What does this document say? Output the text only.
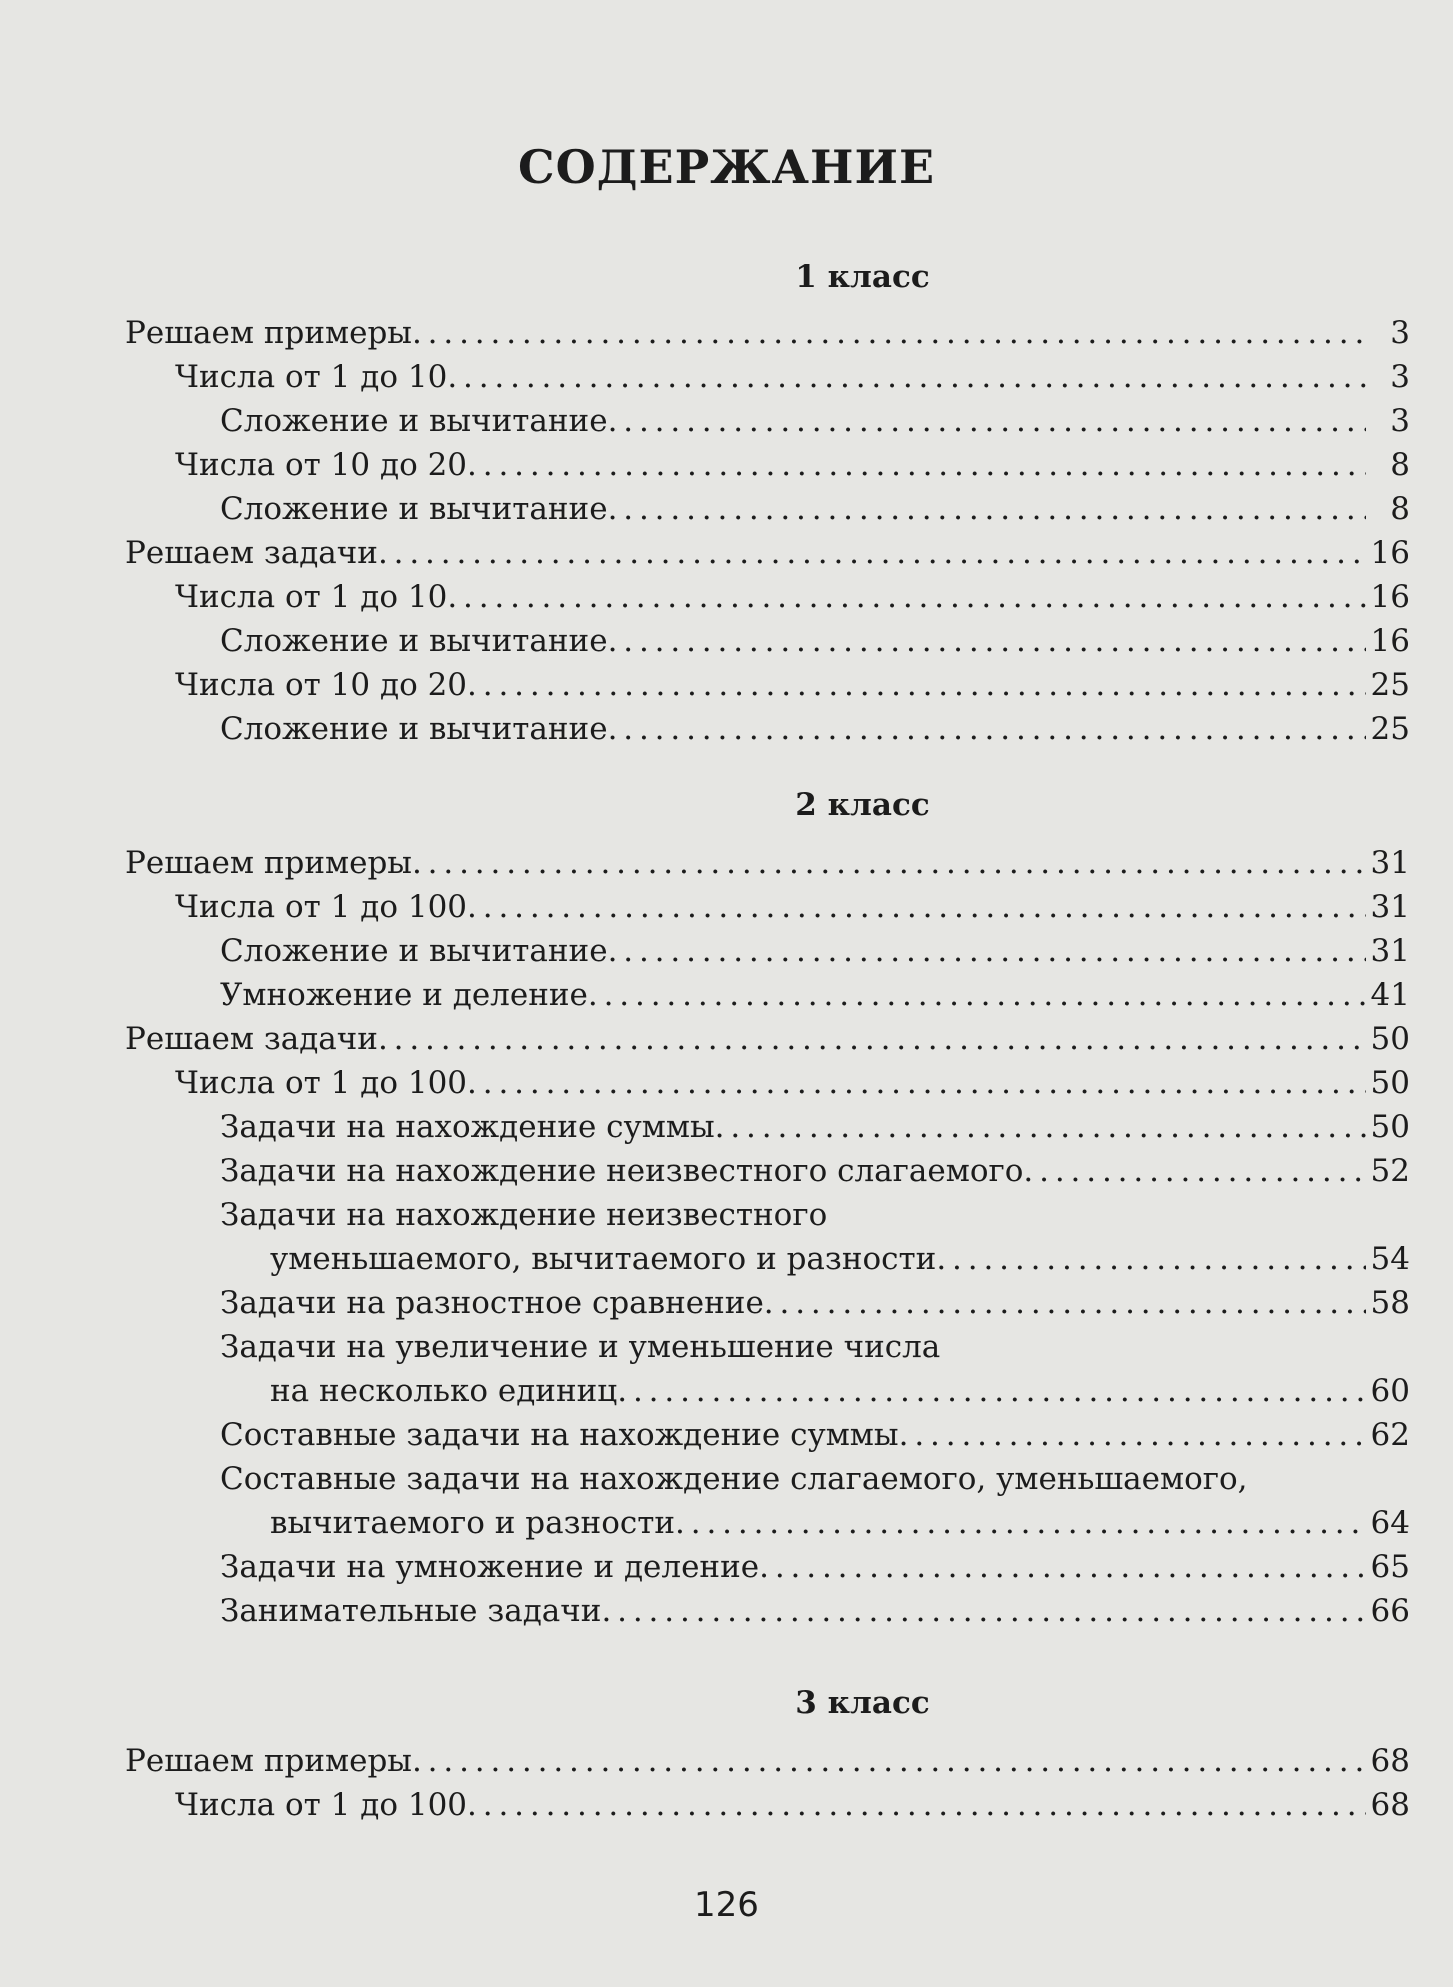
СОДЕРЖАНИЕ
1 класс
Решаем примеры . . .	3
Числа от 1 до 10 . . .	3
Сложение и вычитание . . .	3
Числа от 10 до 20 . . .	8
Сложение и вычитание . . .	8
Решаем задачи . . .	16
Числа от 1 до 10 . . .	16
Сложение и вычитание . . .	16
Числа от 10 до 20 . . .	25
Сложение и вычитание . . .	25
2 класс
Решаем примеры . . .	31
Числа от 1 до 100 . . .	31
Сложение и вычитание . . .	31
Умножение и деление . . .	41
Решаем задачи . . .	50
Числа от 1 до 100 . . .	50
Задачи на нахождение суммы . . .	50
Задачи на нахождение неизвестного слагаемого . . .	52
Задачи на нахождение неизвестного
уменьшаемого, вычитаемого и разности . . .	54
Задачи на разностное сравнение . . .	58
Задачи на увеличение и уменьшение числа
на несколько единиц . . .	60
Составные задачи на нахождение суммы . . .	62
Составные задачи на нахождение слагаемого, уменьшаемого,
вычитаемого и разности . . .	64
Задачи на умножение и деление . . .	65
Занимательные задачи . . .	66
3 класс
Решаем примеры . . .	68
Числа от 1 до 100 . . .	68
126
